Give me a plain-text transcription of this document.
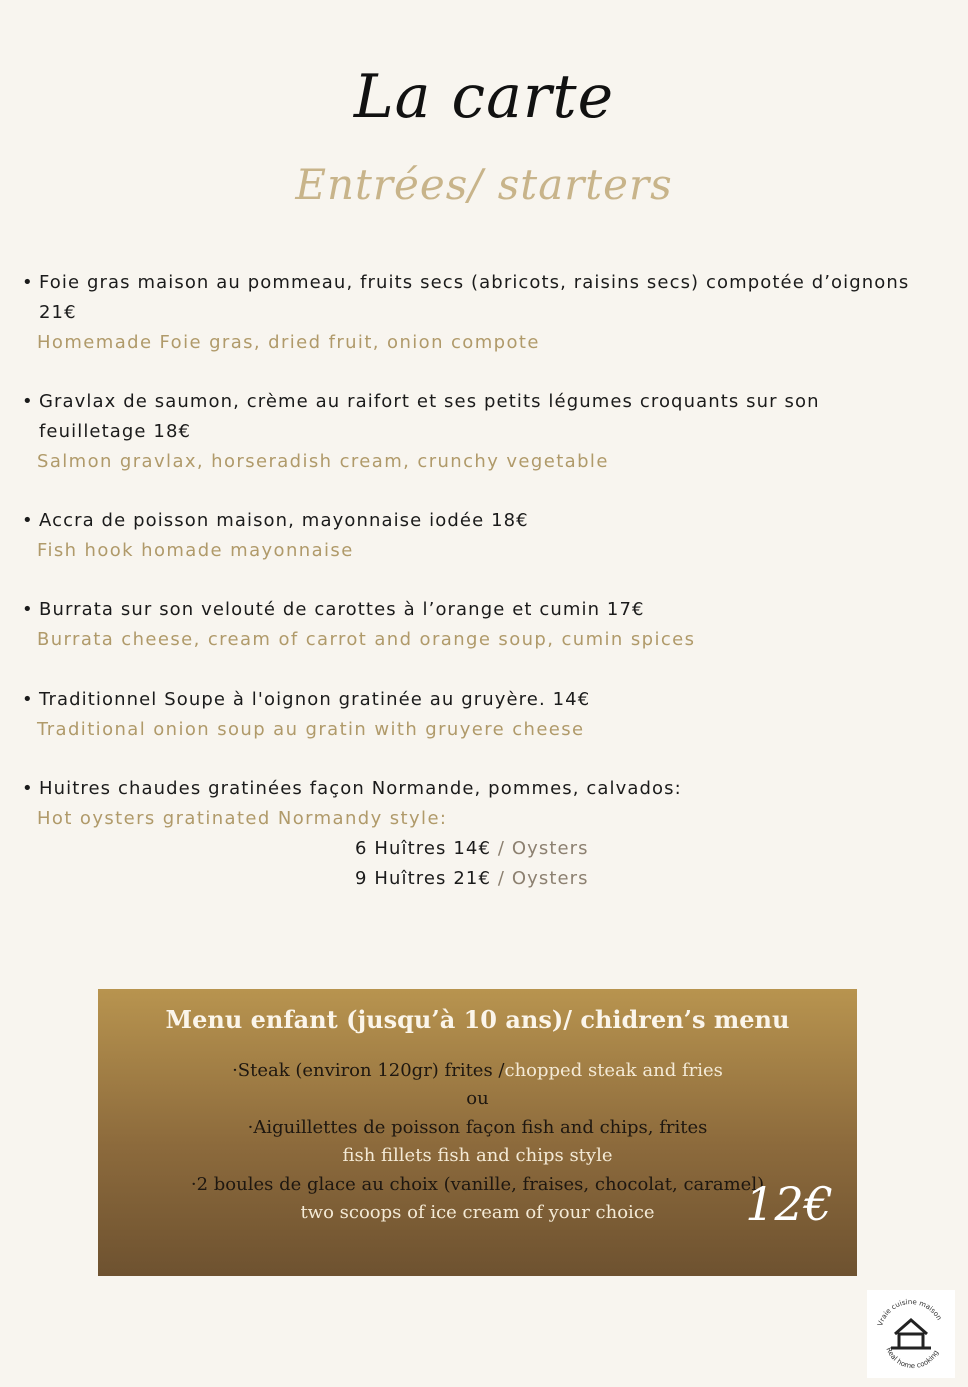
La carte
Entrées/ starters
• Foie gras maison au pommeau, fruits secs (abricots, raisins secs) compotée d’oignons
21€
Homemade Foie gras, dried fruit, onion compote
• Gravlax de saumon, crème au raifort et ses petits légumes croquants sur son
feuilletage 18€
Salmon gravlax, horseradish cream, crunchy vegetable
• Accra de poisson maison, mayonnaise iodée 18€
Fish hook homade mayonnaise
• Burrata sur son velouté de carottes à l’orange et cumin 17€
Burrata cheese, cream of carrot and orange soup, cumin spices
• Traditionnel Soupe à l'oignon gratinée au gruyère. 14€
Traditional onion soup au gratin with gruyere cheese
• Huitres chaudes gratinées façon Normande, pommes, calvados:
Hot oysters gratinated Normandy style:
6 Huîtres 14€ / Oysters
9 Huîtres 21€ / Oysters
Menu enfant (jusqu’à 10 ans)/ chidren’s menu
·Steak (environ 120gr) frites /chopped steak and fries
ou
·Aiguillettes de poisson façon fish and chips, frites
fish fillets fish and chips style
·2 boules de glace au choix (vanille, fraises, chocolat, caramel)
two scoops of ice cream of your choice	12€
Vraie cuisine maison
Real home cooking
